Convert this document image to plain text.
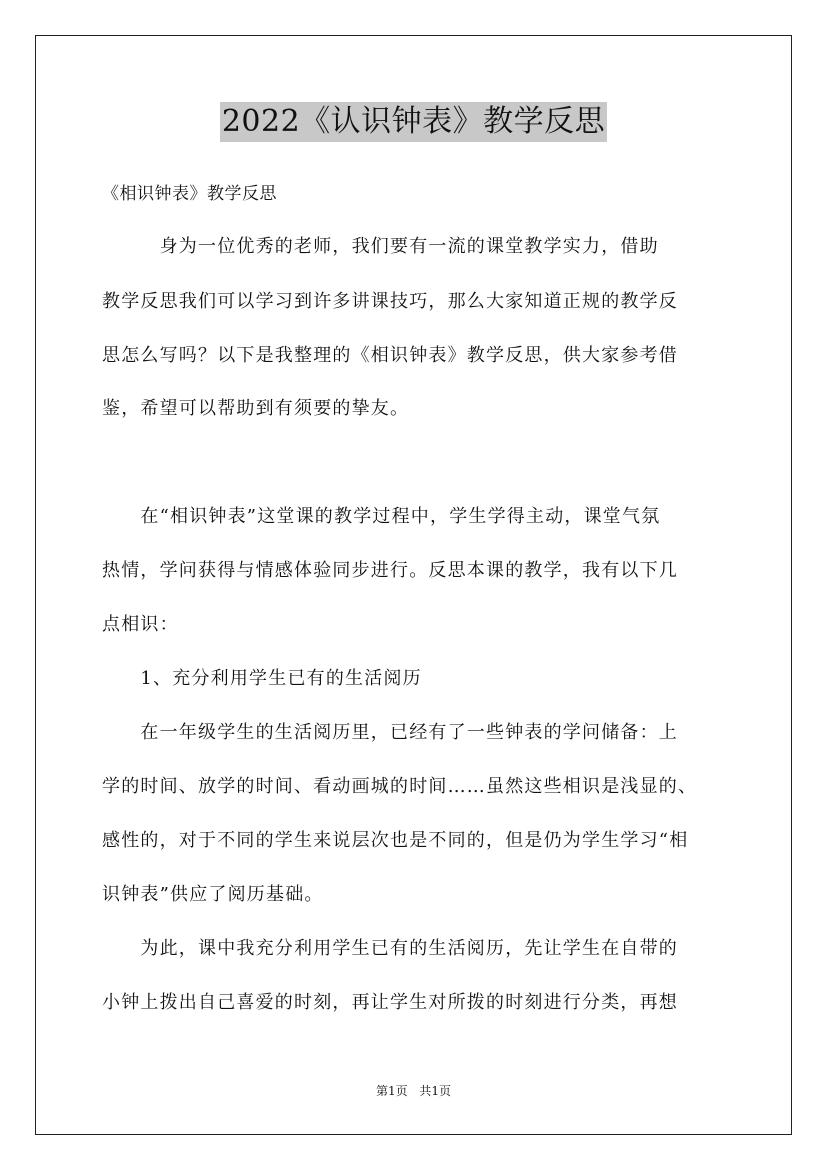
2022《认识钟表》教学反思
《相识钟表》教学反思
　　　身为一位优秀的老师，我们要有一流的课堂教学实力，借助
教学反思我们可以学习到许多讲课技巧，那么大家知道正规的教学反
思怎么写吗？以下是我整理的《相识钟表》教学反思，供大家参考借
鉴，希望可以帮助到有须要的挚友。
　　在“相识钟表”这堂课的教学过程中，学生学得主动，课堂气氛
热情，学问获得与情感体验同步进行。反思本课的教学，我有以下几
点相识：
　　1、充分利用学生已有的生活阅历
　　在一年级学生的生活阅历里，已经有了一些钟表的学问储备：上
学的时间、放学的时间、看动画城的时间……虽然这些相识是浅显的、
感性的，对于不同的学生来说层次也是不同的，但是仍为学生学习“相
识钟表”供应了阅历基础。
　　为此，课中我充分利用学生已有的生活阅历，先让学生在自带的
小钟上拨出自己喜爱的时刻，再让学生对所拨的时刻进行分类，再想
第1页 共1页
